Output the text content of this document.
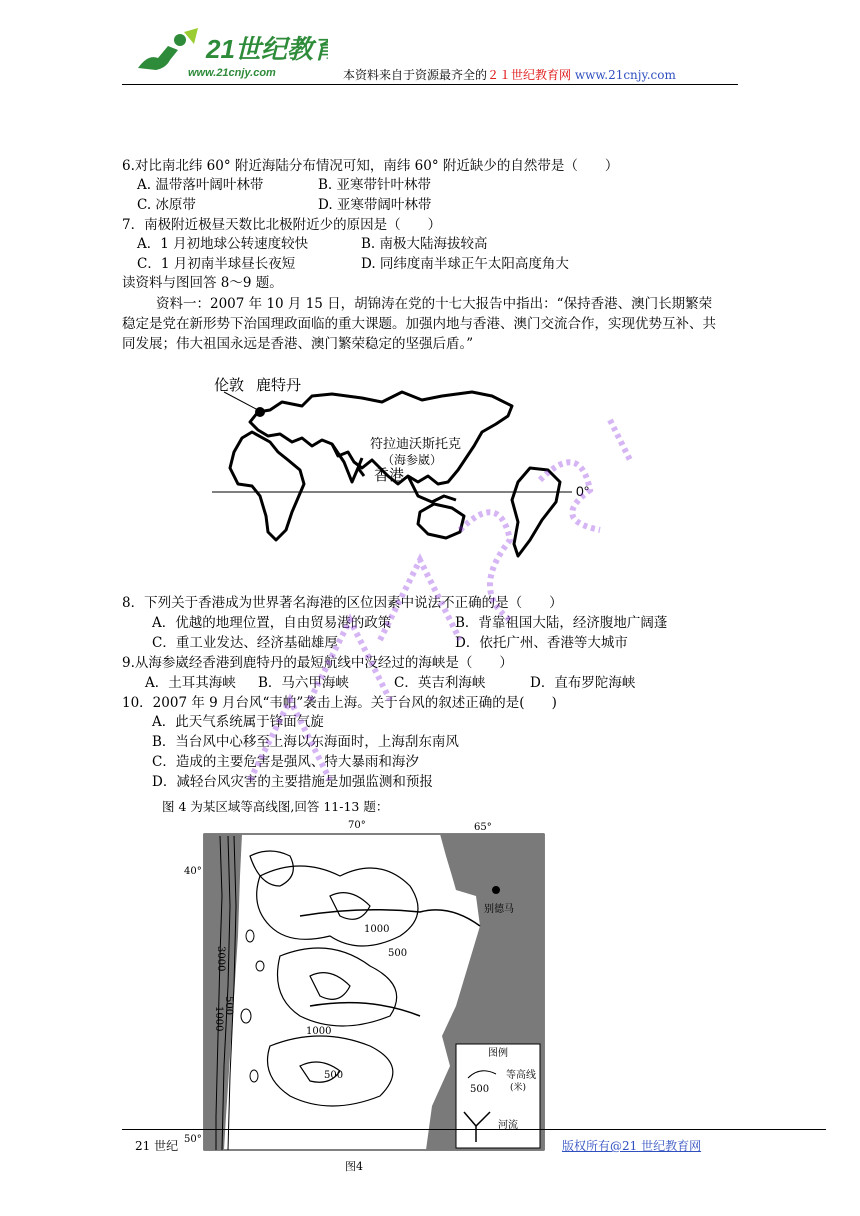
21世纪教育
www.21cnjy.com	本资料来自于资源最齐全的２１世纪教育网 www.21cnjy.com
6.对比南北纬 60° 附近海陆分布情况可知，南纬 60° 附近缺少的自然带是（　　）
A. 温带落叶阔叶林带	B. 亚寒带针叶林带
C. 冰原带	D. 亚寒带阔叶林带
7．南极附近极昼天数比北极附近少的原因是（　　）
A．1 月初地球公转速度较快	B. 南极大陆海拔较高
C．1 月初南半球昼长夜短	D. 同纬度南半球正午太阳高度角大
读资料与图回答 8～9 题。
资料一：2007 年 10 月 15 日，胡锦涛在党的十七大报告中指出：“保持香港、澳门长期繁荣稳定是党在新形势下治国理政面临的重大课题。加强内地与香港、澳门交流合作，实现优势互补、共同发展；伟大祖国永远是香港、澳门繁荣稳定的坚强后盾。”
伦敦 鹿特丹
符拉迪沃斯托克
（海参崴）
香港
0°
8．下列关于香港成为世界著名海港的区位因素中说法不正确的是（　　）
A．优越的地理位置，自由贸易港的政策	B．背靠祖国大陆，经济腹地广阔蓬
C．重工业发达、经济基础雄厚	D．依托广州、香港等大城市
9.从海参崴经香港到鹿特丹的最短航线中没经过的海峡是（　　）
A．土耳其海峡 B．马六甲海峡	C．英吉利海峡	D．直布罗陀海峡
10．2007 年 9 月台风“韦帕”袭击上海。关于台风的叙述正确的是(　　)
A．此天气系统属于锋面气旋
B．当台风中心移至上海以东海面时，上海刮东南风
C．造成的主要危害是强风、特大暴雨和海汐
D．减轻台风灾害的主要措施是加强监测和预报
图 4 为某区域等高线图,回答 11-13 题：
别德马
70°	65°
40°
50°
3000
1000
500
1000
500
1000
500
图例
500
等高线
(米)
河流
图4
21 世纪	版权所有@21 世纪教育网
